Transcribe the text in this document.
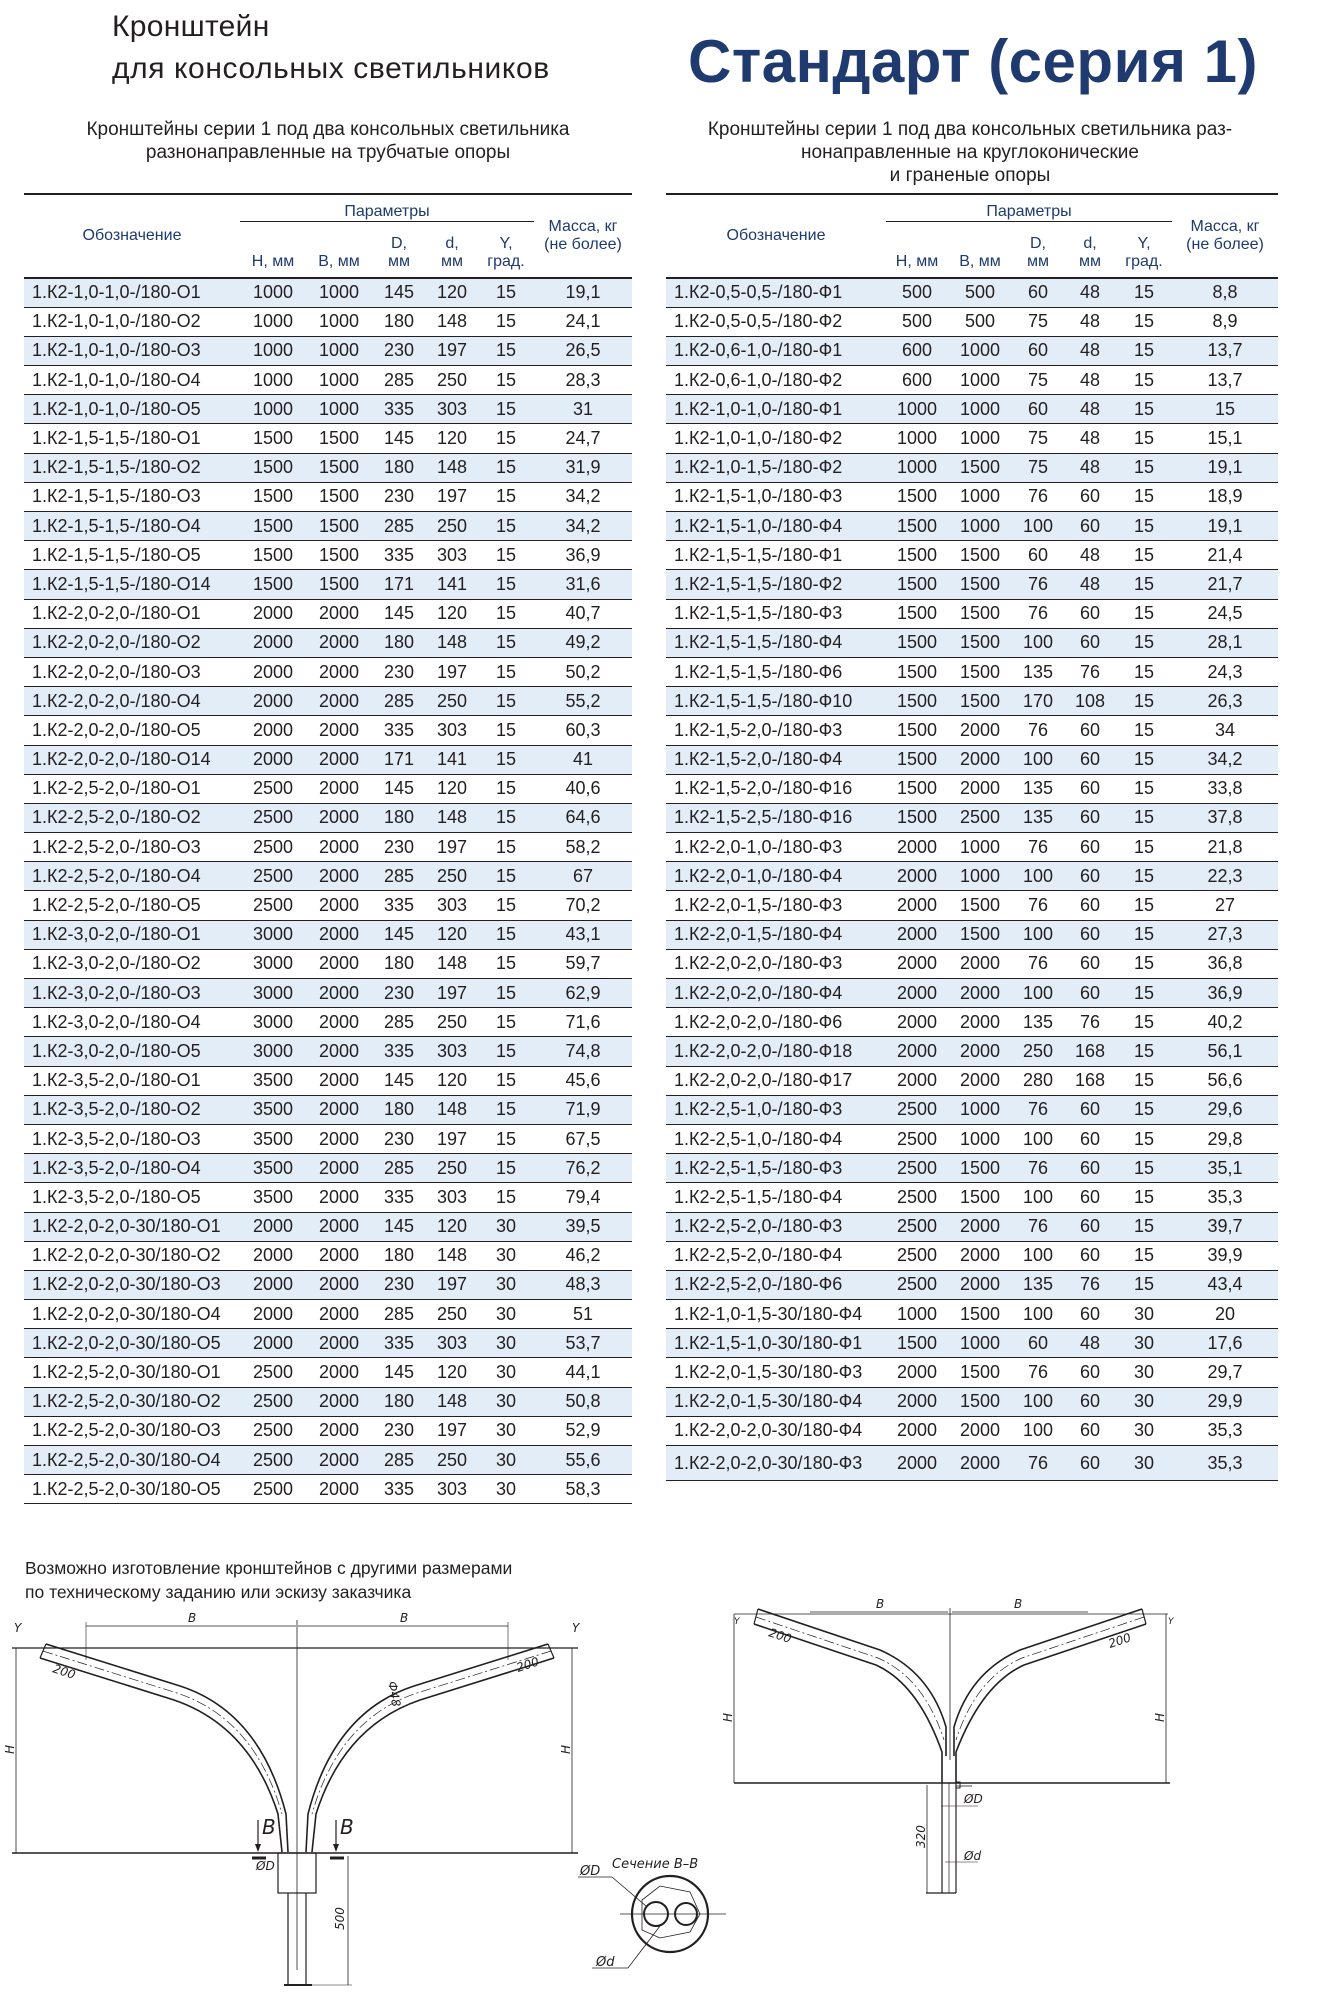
Кронштейн
для консольных светильников Стандарт (серия 1)
Кронштейны серии 1 под два консольных светильника
разнонаправленные на трубчатые опоры
Кронштейны серии 1 под два консольных светильника раз-
нонаправленные на круглоконические
и граненые опоры
Обозначение	Параметры					Масса, кг
(не более)
	H, мм	B, мм	D,
мм	d,
мм	Y,
град.	
1.К2-1,0-1,0-/180-О1	1000	1000	145	120	15	19,1
1.К2-1,0-1,0-/180-О2	1000	1000	180	148	15	24,1
1.К2-1,0-1,0-/180-О3	1000	1000	230	197	15	26,5
1.К2-1,0-1,0-/180-О4	1000	1000	285	250	15	28,3
1.К2-1,0-1,0-/180-О5	1000	1000	335	303	15	31
1.К2-1,5-1,5-/180-О1	1500	1500	145	120	15	24,7
1.К2-1,5-1,5-/180-О2	1500	1500	180	148	15	31,9
1.К2-1,5-1,5-/180-О3	1500	1500	230	197	15	34,2
1.К2-1,5-1,5-/180-О4	1500	1500	285	250	15	34,2
1.К2-1,5-1,5-/180-О5	1500	1500	335	303	15	36,9
1.К2-1,5-1,5-/180-О14	1500	1500	171	141	15	31,6
1.К2-2,0-2,0-/180-О1	2000	2000	145	120	15	40,7
1.К2-2,0-2,0-/180-О2	2000	2000	180	148	15	49,2
1.К2-2,0-2,0-/180-О3	2000	2000	230	197	15	50,2
1.К2-2,0-2,0-/180-О4	2000	2000	285	250	15	55,2
1.К2-2,0-2,0-/180-О5	2000	2000	335	303	15	60,3
1.К2-2,0-2,0-/180-О14	2000	2000	171	141	15	41
1.К2-2,5-2,0-/180-О1	2500	2000	145	120	15	40,6
1.К2-2,5-2,0-/180-О2	2500	2000	180	148	15	64,6
1.К2-2,5-2,0-/180-О3	2500	2000	230	197	15	58,2
1.К2-2,5-2,0-/180-О4	2500	2000	285	250	15	67
1.К2-2,5-2,0-/180-О5	2500	2000	335	303	15	70,2
1.К2-3,0-2,0-/180-О1	3000	2000	145	120	15	43,1
1.К2-3,0-2,0-/180-О2	3000	2000	180	148	15	59,7
1.К2-3,0-2,0-/180-О3	3000	2000	230	197	15	62,9
1.К2-3,0-2,0-/180-О4	3000	2000	285	250	15	71,6
1.К2-3,0-2,0-/180-О5	3000	2000	335	303	15	74,8
1.К2-3,5-2,0-/180-О1	3500	2000	145	120	15	45,6
1.К2-3,5-2,0-/180-О2	3500	2000	180	148	15	71,9
1.К2-3,5-2,0-/180-О3	3500	2000	230	197	15	67,5
1.К2-3,5-2,0-/180-О4	3500	2000	285	250	15	76,2
1.К2-3,5-2,0-/180-О5	3500	2000	335	303	15	79,4
1.К2-2,0-2,0-30/180-О1	2000	2000	145	120	30	39,5
1.К2-2,0-2,0-30/180-О2	2000	2000	180	148	30	46,2
1.К2-2,0-2,0-30/180-О3	2000	2000	230	197	30	48,3
1.К2-2,0-2,0-30/180-О4	2000	2000	285	250	30	51
1.К2-2,0-2,0-30/180-О5	2000	2000	335	303	30	53,7
1.К2-2,5-2,0-30/180-О1	2500	2000	145	120	30	44,1
1.К2-2,5-2,0-30/180-О2	2500	2000	180	148	30	50,8
1.К2-2,5-2,0-30/180-О3	2500	2000	230	197	30	52,9
1.К2-2,5-2,0-30/180-О4	2500	2000	285	250	30	55,6
1.К2-2,5-2,0-30/180-О5	2500	2000	335	303	30	58,3
Обозначение	Параметры					Масса, кг
(не более)
	H, мм	B, мм	D,
мм	d,
мм	Y,
град.	
1.К2-0,5-0,5-/180-Ф1	500	500	60	48	15	8,8
1.К2-0,5-0,5-/180-Ф2	500	500	75	48	15	8,9
1.К2-0,6-1,0-/180-Ф1	600	1000	60	48	15	13,7
1.К2-0,6-1,0-/180-Ф2	600	1000	75	48	15	13,7
1.К2-1,0-1,0-/180-Ф1	1000	1000	60	48	15	15
1.К2-1,0-1,0-/180-Ф2	1000	1000	75	48	15	15,1
1.К2-1,0-1,5-/180-Ф2	1000	1500	75	48	15	19,1
1.К2-1,5-1,0-/180-Ф3	1500	1000	76	60	15	18,9
1.К2-1,5-1,0-/180-Ф4	1500	1000	100	60	15	19,1
1.К2-1,5-1,5-/180-Ф1	1500	1500	60	48	15	21,4
1.К2-1,5-1,5-/180-Ф2	1500	1500	76	48	15	21,7
1.К2-1,5-1,5-/180-Ф3	1500	1500	76	60	15	24,5
1.К2-1,5-1,5-/180-Ф4	1500	1500	100	60	15	28,1
1.К2-1,5-1,5-/180-Ф6	1500	1500	135	76	15	24,3
1.К2-1,5-1,5-/180-Ф10	1500	1500	170	108	15	26,3
1.К2-1,5-2,0-/180-Ф3	1500	2000	76	60	15	34
1.К2-1,5-2,0-/180-Ф4	1500	2000	100	60	15	34,2
1.К2-1,5-2,0-/180-Ф16	1500	2000	135	60	15	33,8
1.К2-1,5-2,5-/180-Ф16	1500	2500	135	60	15	37,8
1.К2-2,0-1,0-/180-Ф3	2000	1000	76	60	15	21,8
1.К2-2,0-1,0-/180-Ф4	2000	1000	100	60	15	22,3
1.К2-2,0-1,5-/180-Ф3	2000	1500	76	60	15	27
1.К2-2,0-1,5-/180-Ф4	2000	1500	100	60	15	27,3
1.К2-2,0-2,0-/180-Ф3	2000	2000	76	60	15	36,8
1.К2-2,0-2,0-/180-Ф4	2000	2000	100	60	15	36,9
1.К2-2,0-2,0-/180-Ф6	2000	2000	135	76	15	40,2
1.К2-2,0-2,0-/180-Ф18	2000	2000	250	168	15	56,1
1.К2-2,0-2,0-/180-Ф17	2000	2000	280	168	15	56,6
1.К2-2,5-1,0-/180-Ф3	2500	1000	76	60	15	29,6
1.К2-2,5-1,0-/180-Ф4	2500	1000	100	60	15	29,8
1.К2-2,5-1,5-/180-Ф3	2500	1500	76	60	15	35,1
1.К2-2,5-1,5-/180-Ф4	2500	1500	100	60	15	35,3
1.К2-2,5-2,0-/180-Ф3	2500	2000	76	60	15	39,7
1.К2-2,5-2,0-/180-Ф4	2500	2000	100	60	15	39,9
1.К2-2,5-2,0-/180-Ф6	2500	2000	135	76	15	43,4
1.К2-1,0-1,5-30/180-Ф4	1000	1500	100	60	30	20
1.К2-1,5-1,0-30/180-Ф1	1500	1000	60	48	30	17,6
1.К2-2,0-1,5-30/180-Ф3	2000	1500	76	60	30	29,7
1.К2-2,0-1,5-30/180-Ф4	2000	1500	100	60	30	29,9
1.К2-2,0-2,0-30/180-Ф4	2000	2000	100	60	30	35,3
1.К2-2,0-2,0-30/180-Ф3	2000	2000	76	60	30	35,3
Возможно изготовление кронштейнов с другими размерами
по техническому заданию или эскизу заказчика
B	B
H	H
200	200
Ф48
Y	Y
B	B
ØD
500
Сечение B–B
ØD
Ød
B	B
H	H
200	200
Y	Y
ØD
Ød
320
